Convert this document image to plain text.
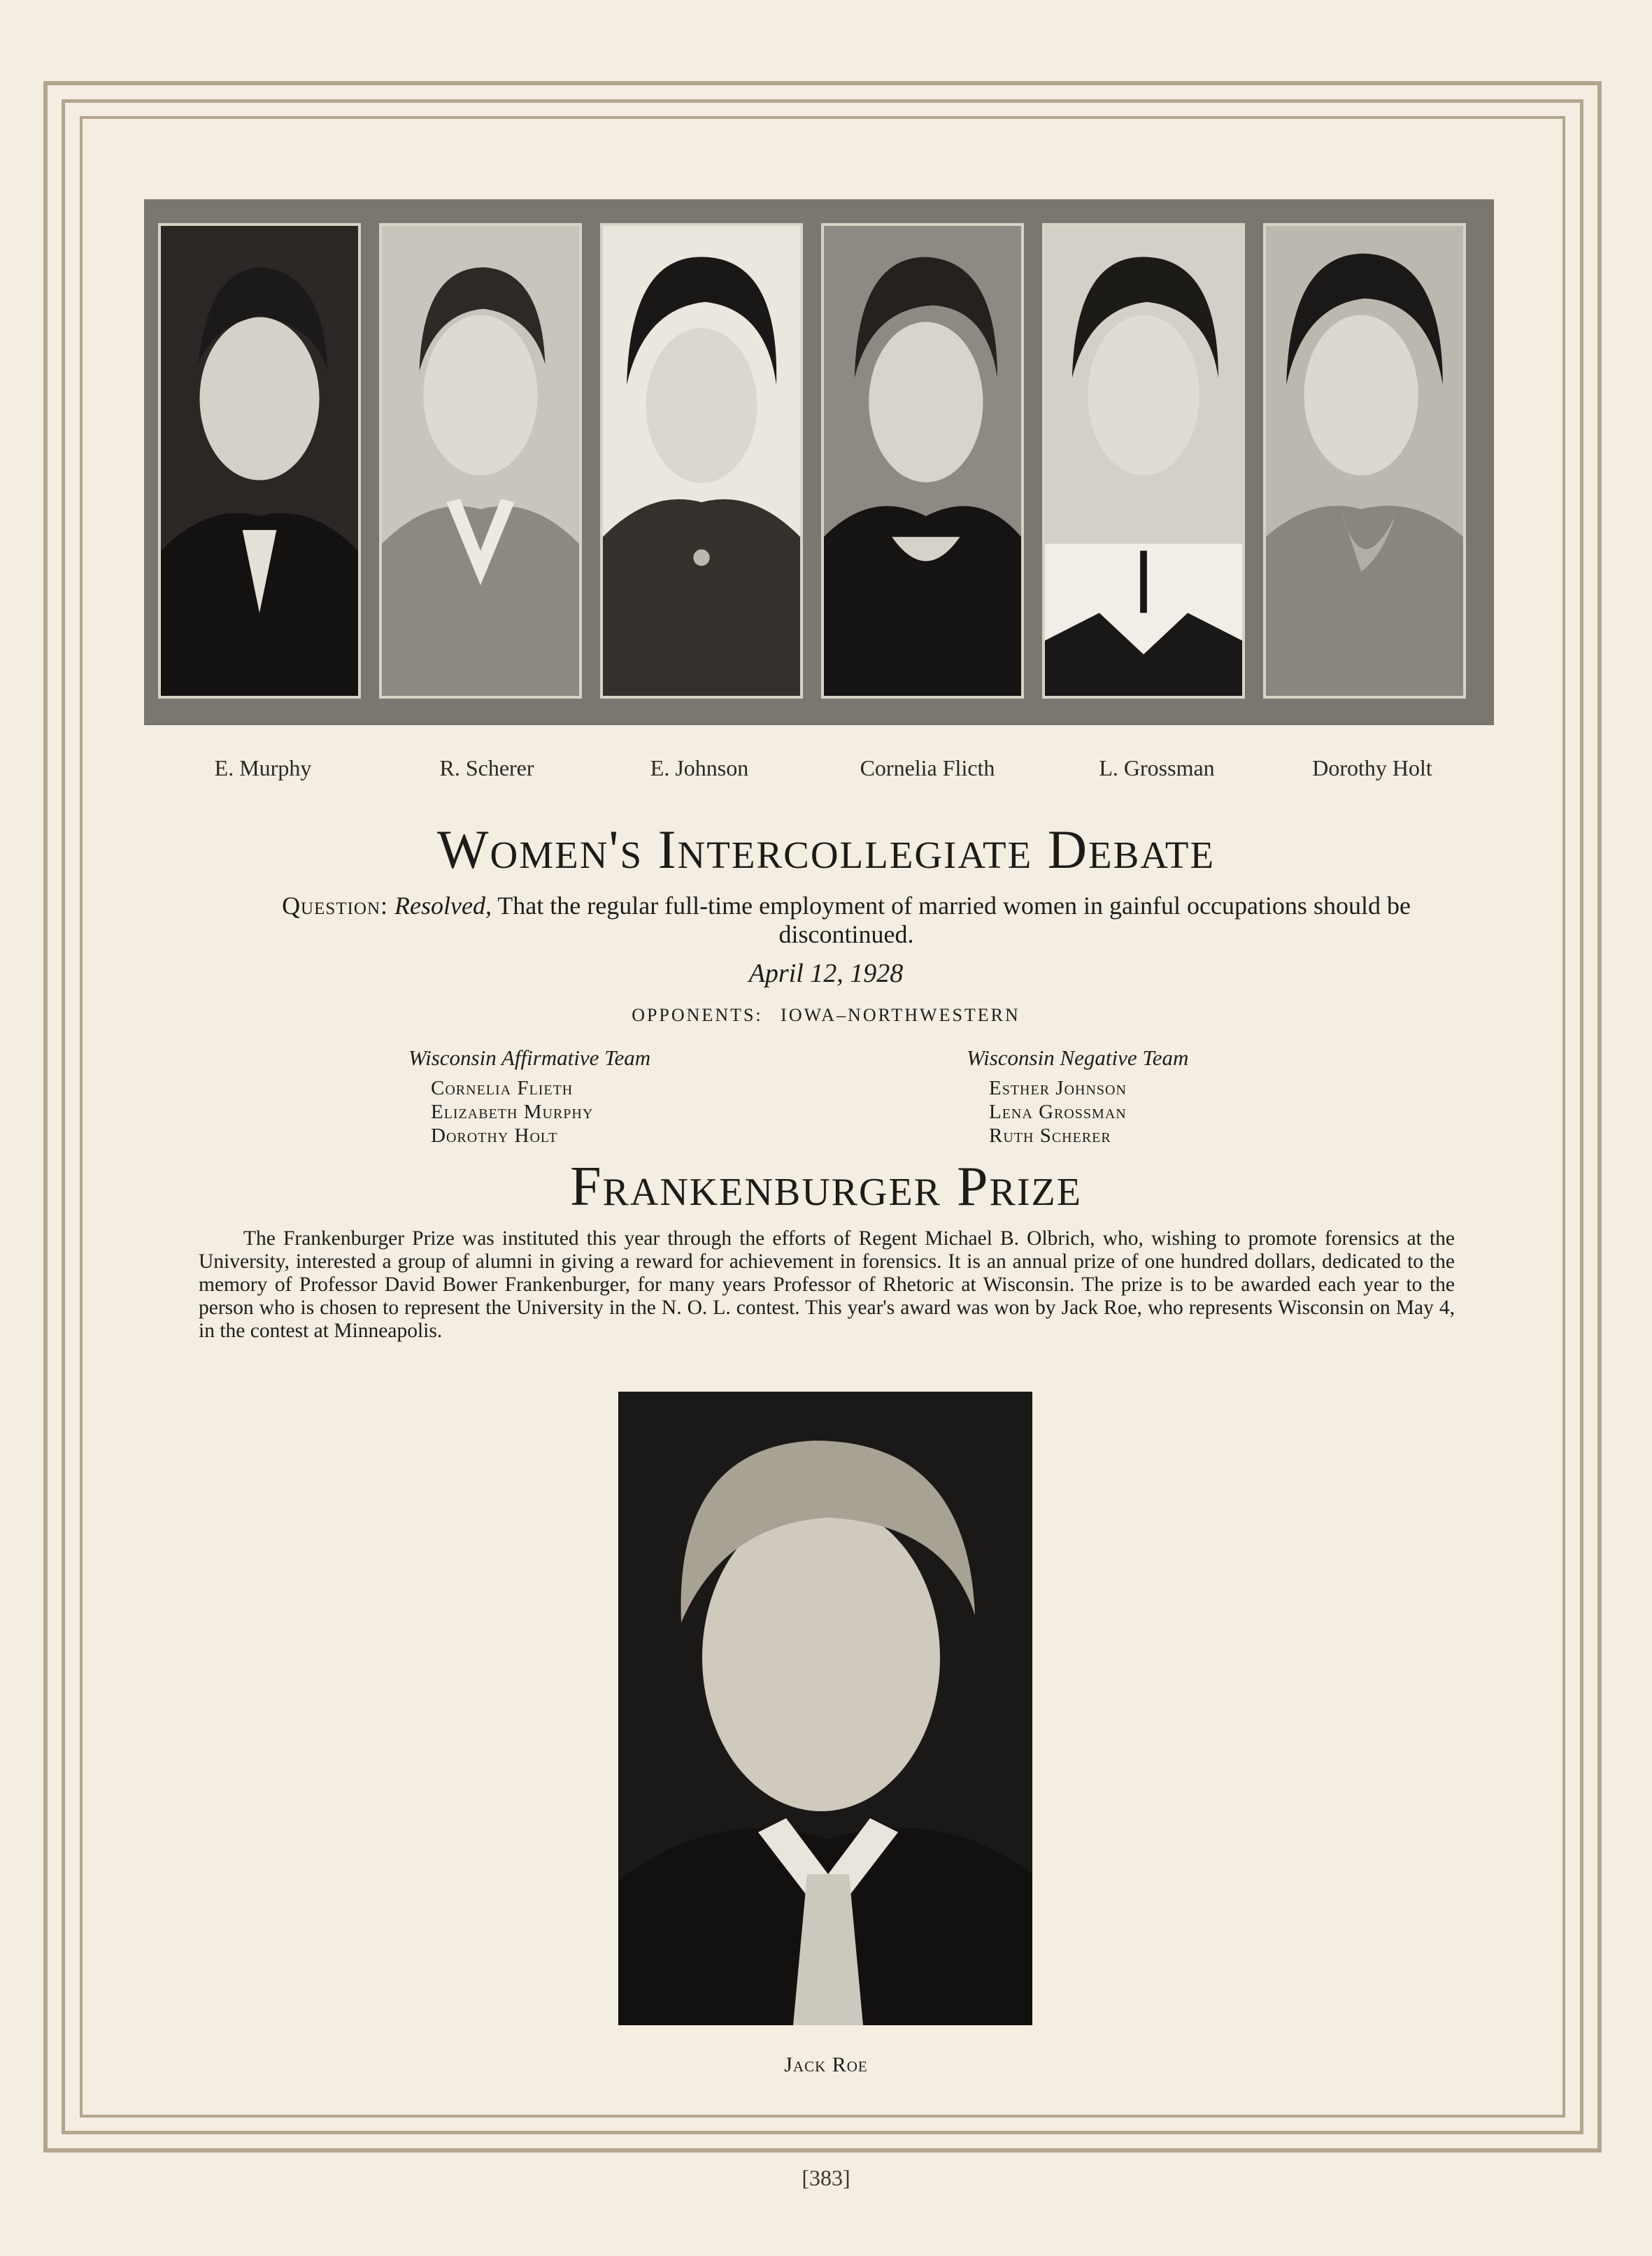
E. Murphy	R. Scherer	E. Johnson	Cornelia Flicth	L. Grossman	Dorothy Holt
Women's Intercollegiate Debate
Question: Resolved, That the regular full-time employment of married women in gainful occupations should be discontinued.
April 12, 1928
OPPONENTS: IOWA–NORTHWESTERN
Wisconsin Affirmative Team
Cornelia Flieth
Elizabeth Murphy
Dorothy Holt
Wisconsin Negative Team
Esther Johnson
Lena Grossman
Ruth Scherer
Frankenburger Prize
The Frankenburger Prize was instituted this year through the efforts of Regent Michael B. Olbrich, who, wishing to promote forensics at the University, interested a group of alumni in giving a reward for achievement in forensics. It is an annual prize of one hundred dollars, dedicated to the memory of Professor David Bower Frankenburger, for many years Professor of Rhetoric at Wisconsin. The prize is to be awarded each year to the person who is chosen to represent the University in the N. O. L. contest. This year's award was won by Jack Roe, who represents Wisconsin on May 4, in the contest at Minneapolis.
Jack Roe
[383]
